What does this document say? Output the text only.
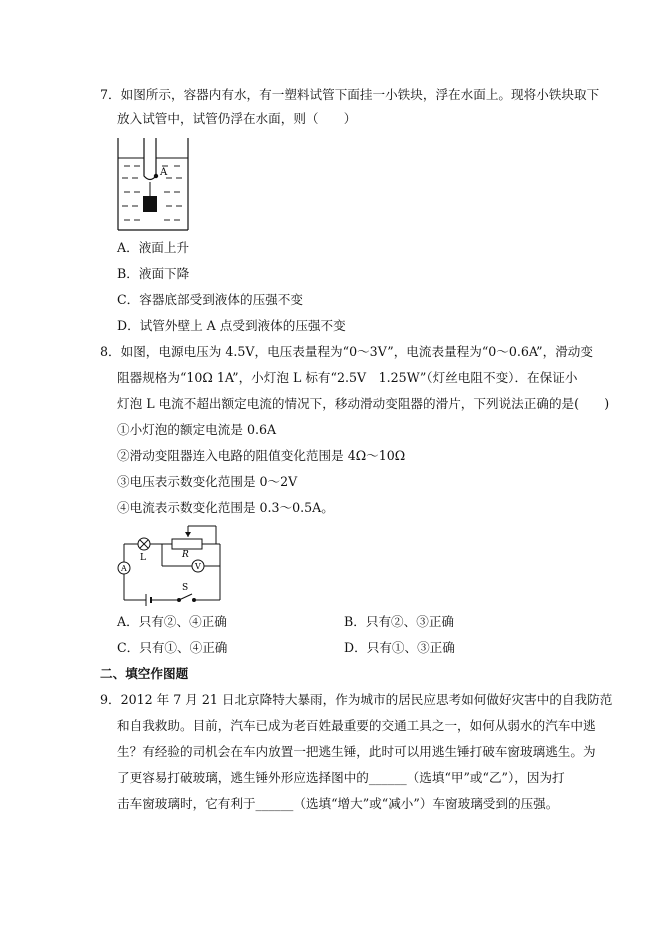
7．如图所示，容器内有水，有一塑料试管下面挂一小铁块，浮在水面上。现将小铁块取下
放入试管中，试管仍浮在水面，则（　　）
A
A．液面上升
B．液面下降
C．容器底部受到液体的压强不变
D．试管外壁上 A 点受到液体的压强不变
8．如图，电源电压为 4.5V，电压表量程为“0～3V”，电流表量程为“0～0.6A”，滑动变
阻器规格为“10Ω 1A”，小灯泡 L 标有“2.5V　1.25W”（灯丝电阻不变）．在保证小
灯泡 L 电流不超出额定电流的情况下，移动滑动变阻器的滑片，下列说法正确的是(　　)
①小灯泡的额定电流是 0.6A
②滑动变阻器连入电路的阻值变化范围是 4Ω～10Ω
③电压表示数变化范围是 0～2V
④电流表示数变化范围是 0.3～0.5A。
L	R
A	V
S
A．只有②、④正确	B．只有②、③正确
C．只有①、④正确	D．只有①、③正确
二、填空作图题
9．2012 年 7 月 21 日北京降特大暴雨，作为城市的居民应思考如何做好灾害中的自我防范
和自我救助。目前，汽车已成为老百姓最重要的交通工具之一，如何从弱水的汽车中逃
生？有经验的司机会在车内放置一把逃生锤，此时可以用逃生锤打破车窗玻璃逃生。为
了更容易打破玻璃，逃生锤外形应选择图中的______（选填“甲”或“乙”），因为打
击车窗玻璃时，它有利于______（选填“增大”或“减小”）车窗玻璃受到的压强。
